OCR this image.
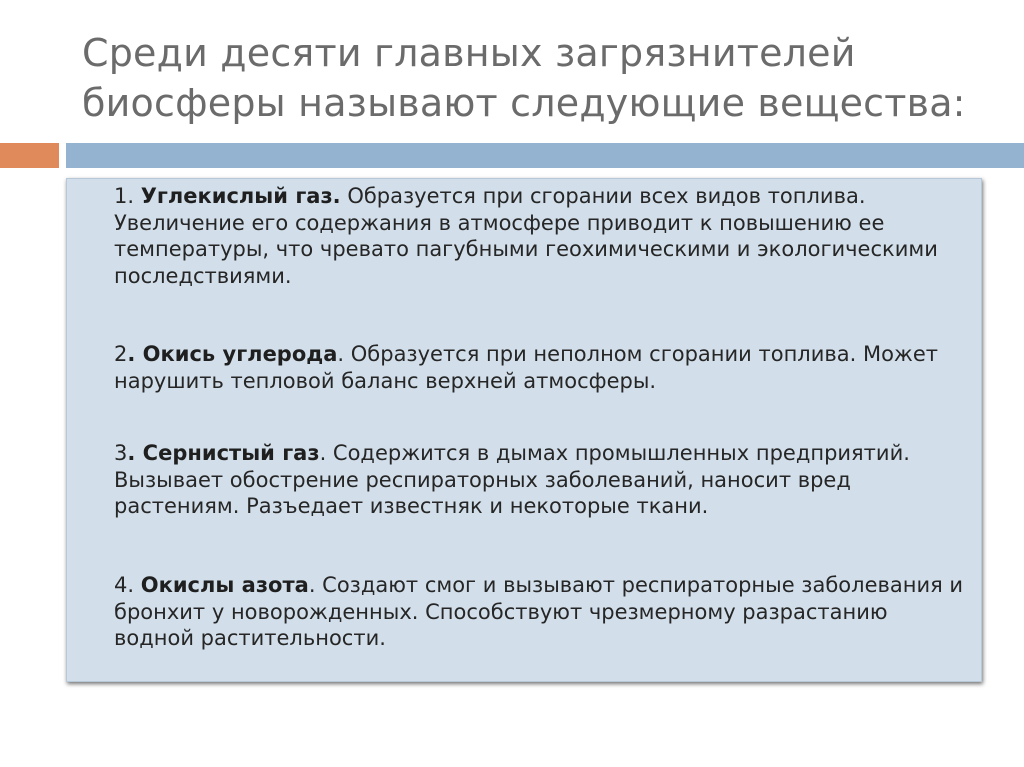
Среди десяти главных загрязнителей
биосферы называют следующие вещества:
1. Углекислый газ. Образуется при сгорании всех видов топлива. Увеличение его содержания в атмосфере приводит к повышению ее температуры, что чревато пагубными геохимическими и экологическими последствиями.
2. Окись углерода. Образуется при неполном сгорании топлива. Может нарушить тепловой баланс верхней атмосферы.
3. Сернистый газ. Содержится в дымах промышленных предприятий. Вызывает обострение респираторных заболеваний, наносит вред растениям. Разъедает известняк и некоторые ткани.
4. Окислы азота. Создают смог и вызывают респираторные заболевания и бронхит у новорожденных. Способствуют чрезмерному разрастанию водной растительности.
